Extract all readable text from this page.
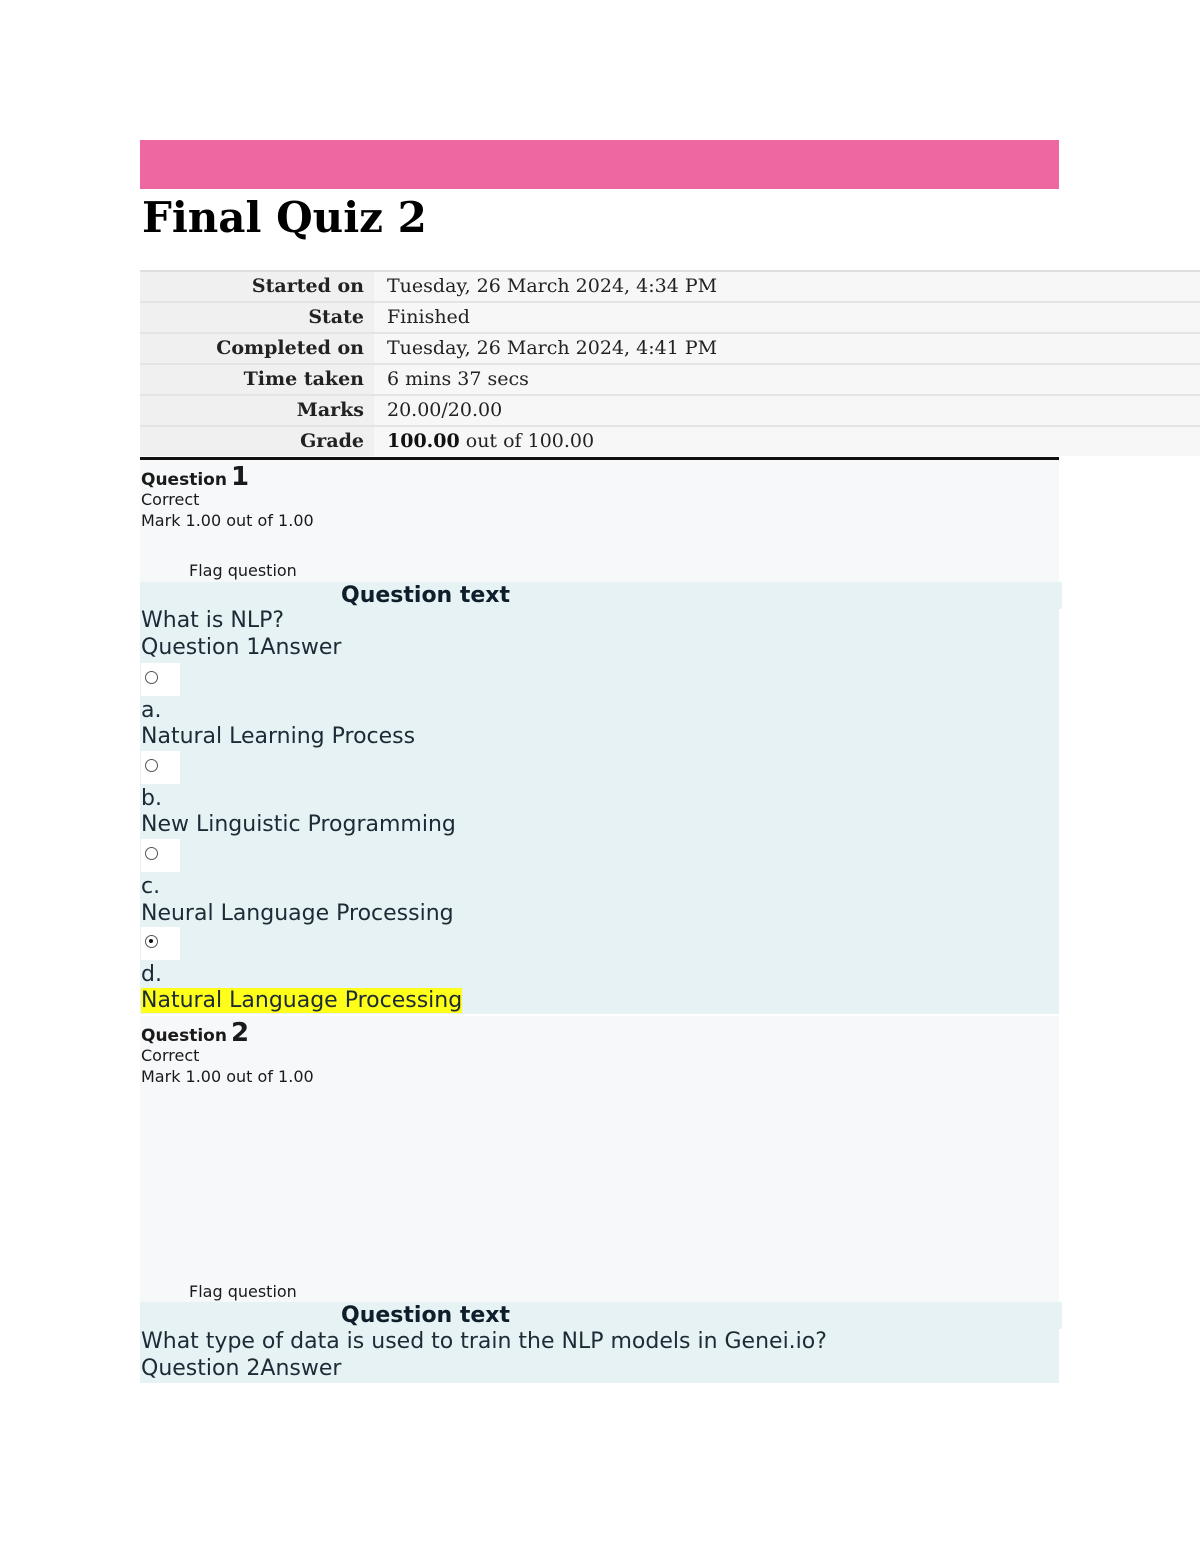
Final Quiz 2
Started on	Tuesday, 26 March 2024, 4:34 PM
State	Finished
Completed on	Tuesday, 26 March 2024, 4:41 PM
Time taken	6 mins 37 secs
Marks	20.00/20.00
Grade	100.00 out of 100.00
Question 1
Correct
Mark 1.00 out of 1.00
Flag question
Question text
What is NLP?
Question 1Answer
a.
Natural Learning Process
b.
New Linguistic Programming
c.
Neural Language Processing
d.
Natural Language Processing
Question 2
Correct
Mark 1.00 out of 1.00
Flag question
Question text
What type of data is used to train the NLP models in Genei.io?
Question 2Answer
